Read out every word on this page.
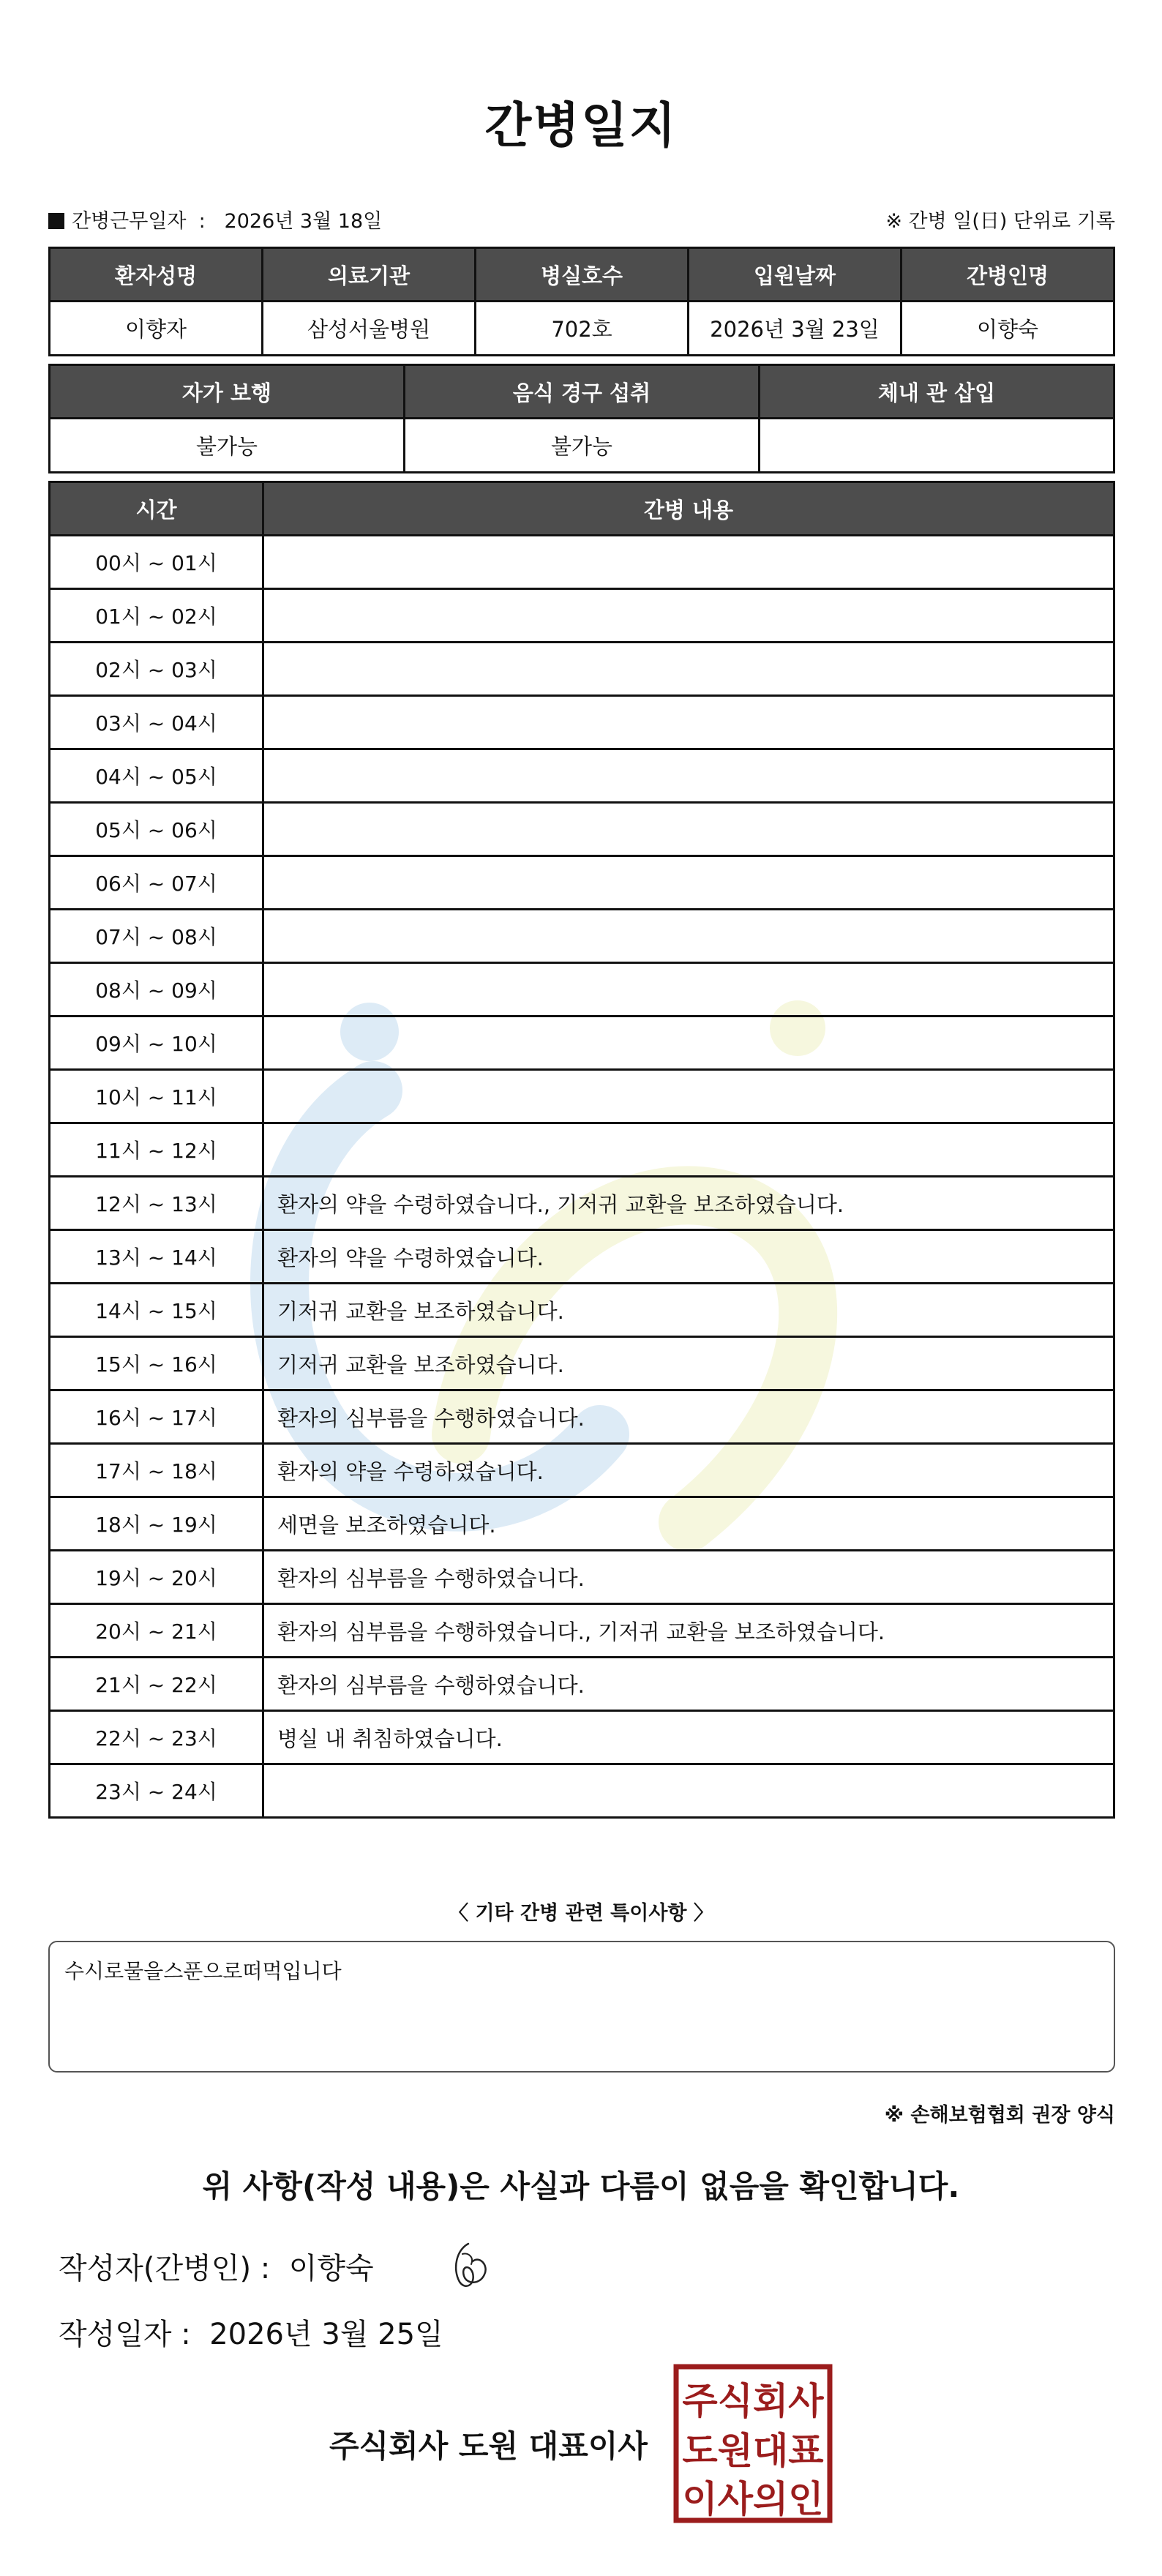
간병일지
간병근무일자  :   2026년 3월 18일	※ 간병 일(日) 단위로 기록
환자성명	의료기관	병실호수	입원날짜	간병인명
이향자	삼성서울병원	702호	2026년 3월 23일	이향숙
자가 보행	음식 경구 섭취	체내 관 삽입
불가능	불가능	
시간	간병 내용
00시 ~ 01시	
01시 ~ 02시	
02시 ~ 03시	
03시 ~ 04시	
04시 ~ 05시	
05시 ~ 06시	
06시 ~ 07시	
07시 ~ 08시	
08시 ~ 09시	
09시 ~ 10시	
10시 ~ 11시	
11시 ~ 12시	
12시 ~ 13시	환자의 약을 수령하였습니다., 기저귀 교환을 보조하였습니다.
13시 ~ 14시	환자의 약을 수령하였습니다.
14시 ~ 15시	기저귀 교환을 보조하였습니다.
15시 ~ 16시	기저귀 교환을 보조하였습니다.
16시 ~ 17시	환자의 심부름을 수행하였습니다.
17시 ~ 18시	환자의 약을 수령하였습니다.
18시 ~ 19시	세면을 보조하였습니다.
19시 ~ 20시	환자의 심부름을 수행하였습니다.
20시 ~ 21시	환자의 심부름을 수행하였습니다., 기저귀 교환을 보조하였습니다.
21시 ~ 22시	환자의 심부름을 수행하였습니다.
22시 ~ 23시	병실 내 취침하였습니다.
23시 ~ 24시	
〈 기타 간병 관련 특이사항 〉
수시로물을스푼으로떠먹입니다
※ 손해보험협회 권장 양식
위 사항(작성 내용)은 사실과 다름이 없음을 확인합니다.
작성자(간병인) : 이향숙
작성일자 : 2026년 3월 25일
주식회사 도원 대표이사
주식회사
도원대표
이사의인
